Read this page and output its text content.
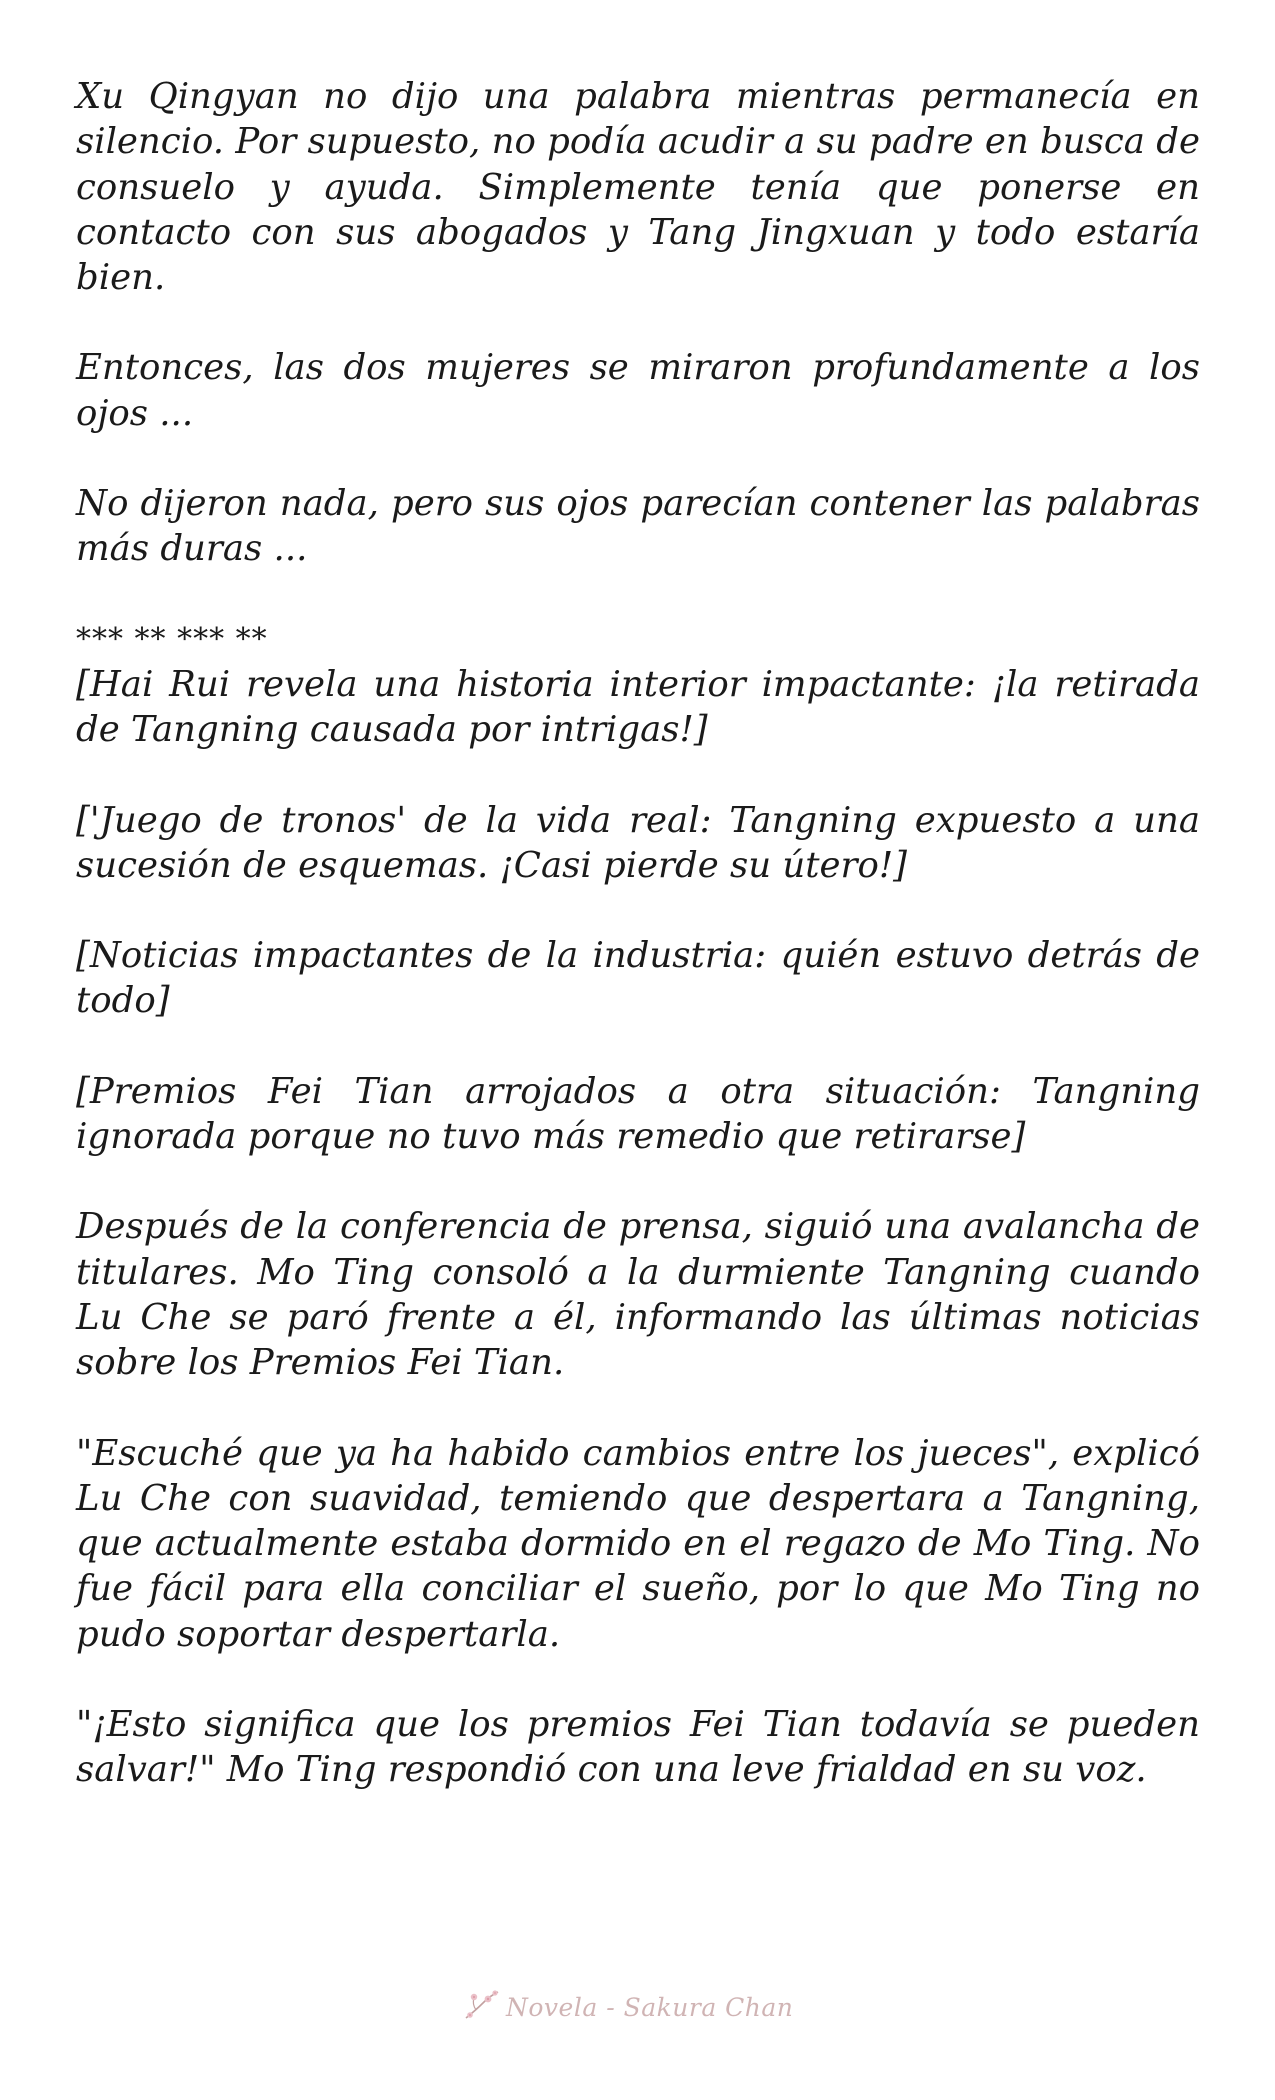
Xu Qingyan no dijo una palabra mientras permanecía en silencio. Por supuesto, no podía acudir a su padre en busca de consuelo y ayuda. Simplemente tenía que ponerse en contacto con sus abogados y Tang Jingxuan y todo estaría bien.

Entonces, las dos mujeres se miraron profundamente a los ojos ...

No dijeron nada, pero sus ojos parecían contener las palabras más duras ...

*** ** *** **

[Hai Rui revela una historia interior impactante: ¡la retirada de Tangning causada por intrigas!]

['Juego de tronos' de la vida real: Tangning expuesto a una sucesión de esquemas. ¡Casi pierde su útero!]

[Noticias impactantes de la industria: quién estuvo detrás de todo]

[Premios Fei Tian arrojados a otra situación: Tangning ignorada porque no tuvo más remedio que retirarse]

Después de la conferencia de prensa, siguió una avalancha de titulares. Mo Ting consoló a la durmiente Tangning cuando Lu Che se paró frente a él, informando las últimas noticias sobre los Premios Fei Tian.

"Escuché que ya ha habido cambios entre los jueces", explicó Lu Che con suavidad, temiendo que despertara a Tangning, que actualmente estaba dormido en el regazo de Mo Ting. No fue fácil para ella conciliar el sueño, por lo que Mo Ting no pudo soportar despertarla.

"¡Esto significa que los premios Fei Tian todavía se pueden salvar!" Mo Ting respondió con una leve frialdad en su voz.

Novela - Sakura Chan
